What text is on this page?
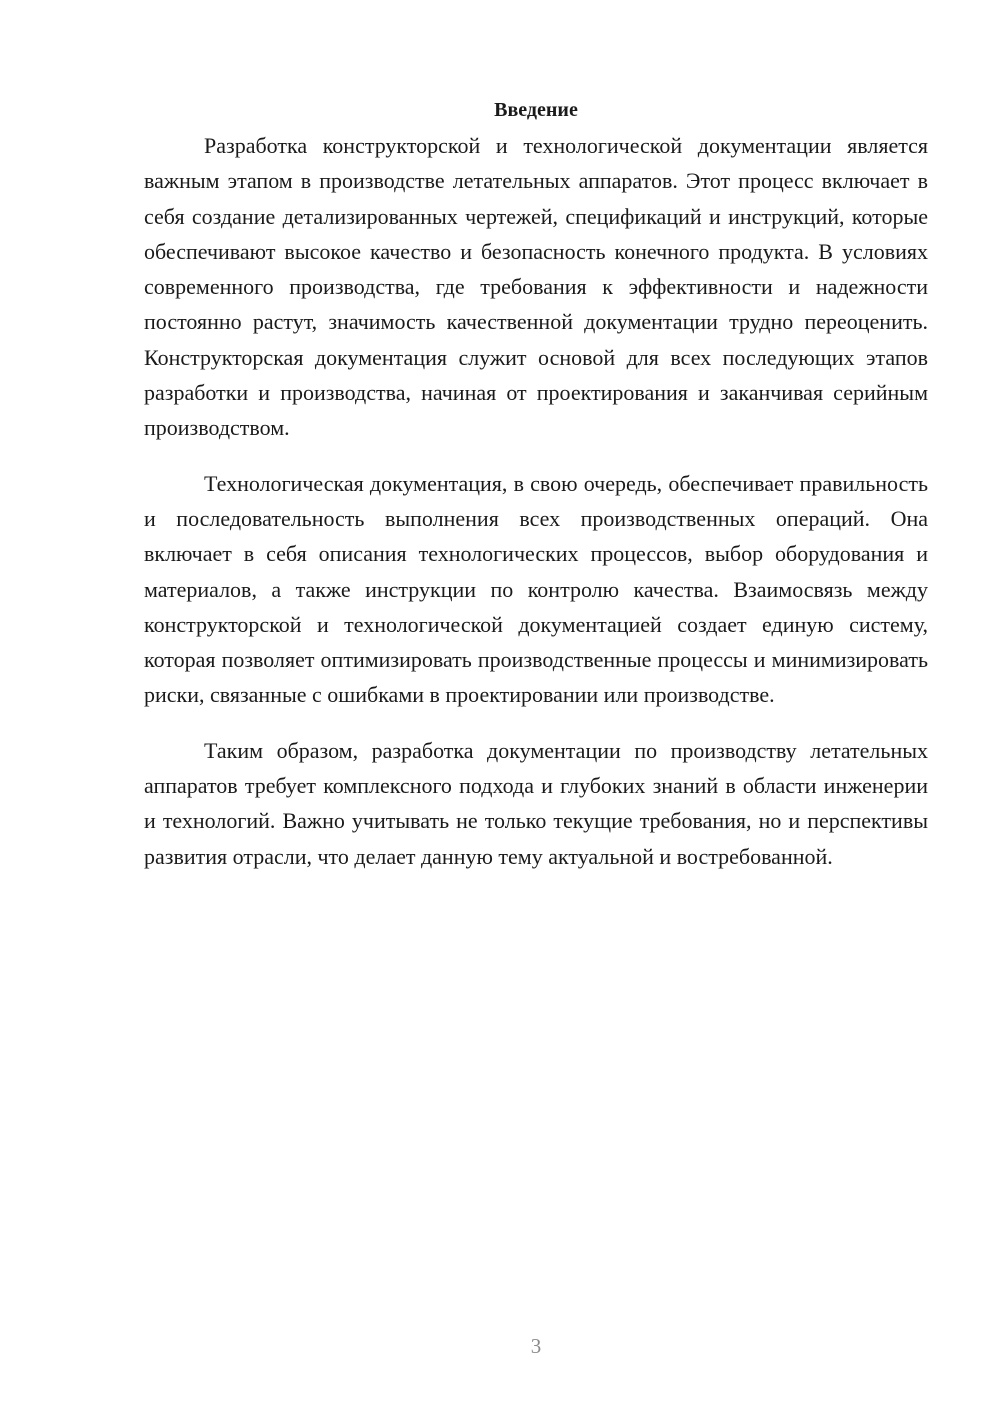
Введение

Разработка конструкторской и технологической документации является важным этапом в производстве летательных аппаратов. Этот процесс включает в себя создание детализированных чертежей, спецификаций и инструкций, которые обеспечивают высокое качество и безопасность конечного продукта. В условиях современного производства, где требования к эффективности и надежности постоянно растут, значимость качественной документации трудно переоценить. Конструкторская документация служит основой для всех последующих этапов разработки и производства, начиная от проектирования и заканчивая серийным производством.

Технологическая документация, в свою очередь, обеспечивает правильность и последовательность выполнения всех производственных операций. Она включает в себя описания технологических процессов, выбор оборудования и материалов, а также инструкции по контролю качества. Взаимосвязь между конструкторской и технологической документацией создает единую систему, которая позволяет оптимизировать производственные процессы и минимизировать риски, связанные с ошибками в проектировании или производстве.

Таким образом, разработка документации по производству летательных аппаратов требует комплексного подхода и глубоких знаний в области инженерии и технологий. Важно учитывать не только текущие требования, но и перспективы развития отрасли, что делает данную тему актуальной и востребованной.

3
